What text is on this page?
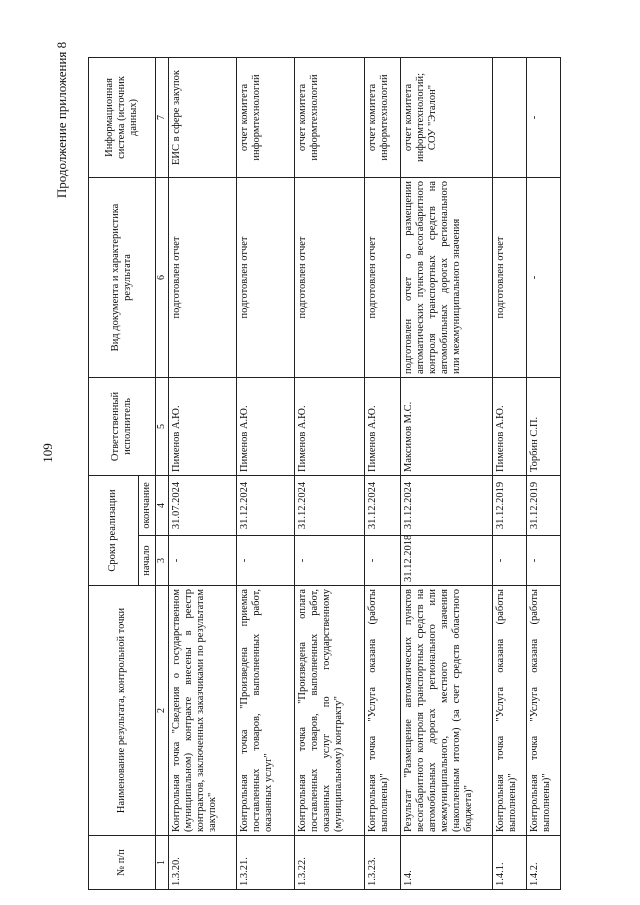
109
Продолжение приложения 8
№ п/п	Наименование результата, контрольной точки	Сроки реализации		Ответственный исполнитель	Вид документа и характеристика результата	Информационная система (источник данных)
		начало	окончание			
1	2	3	4	5	6	7
1.3.20.	Контрольная точка "Сведения о государственном (муниципальном) контракте внесены в реестр контрактов, заключенных заказчиками по результатам закупок"	-	31.07.2024	Пименов А.Ю.	подготовлен отчет	ЕИС в сфере закупок
1.3.21.	Контрольная точка "Произведена приемка поставленных товаров, выполненных работ, оказанных услуг"	-	31.12.2024	Пименов А.Ю.	подготовлен отчет	отчет комитета информтехнологий
1.3.22.	Контрольная точка "Произведена оплата поставленных товаров, выполненных работ, оказанных услуг по государственному (муниципальному) контракту"	-	31.12.2024	Пименов А.Ю.	подготовлен отчет	отчет комитета информтехнологий
1.3.23.	Контрольная точка "Услуга оказана (работы выполнены)"	-	31.12.2024	Пименов А.Ю.	подготовлен отчет	отчет комитета информтехнологий
1.4.	Результат "Размещение автоматических пунктов весогабаритного контроля транспортных средств на автомобильных дорогах регионального или межмуниципального, местного значения (накопленным итогом) (за счет средств областного бюджета)"	31.12.2018	31.12.2024	Максимов М.С.	подготовлен отчет о размещении автоматических пунктов весогабаритного контроля транспортных средств на автомобильных дорогах регионального или межмуниципального значения	отчет комитета информтехнологий; СОУ "Эталон"
1.4.1.	Контрольная точка "Услуга оказана (работы выполнены)"	-	31.12.2019	Пименов А.Ю.	подготовлен отчет	
1.4.2.	Контрольная точка "Услуга оказана (работы выполнены)"	-	31.12.2019	Торбин С.П.	-	-
